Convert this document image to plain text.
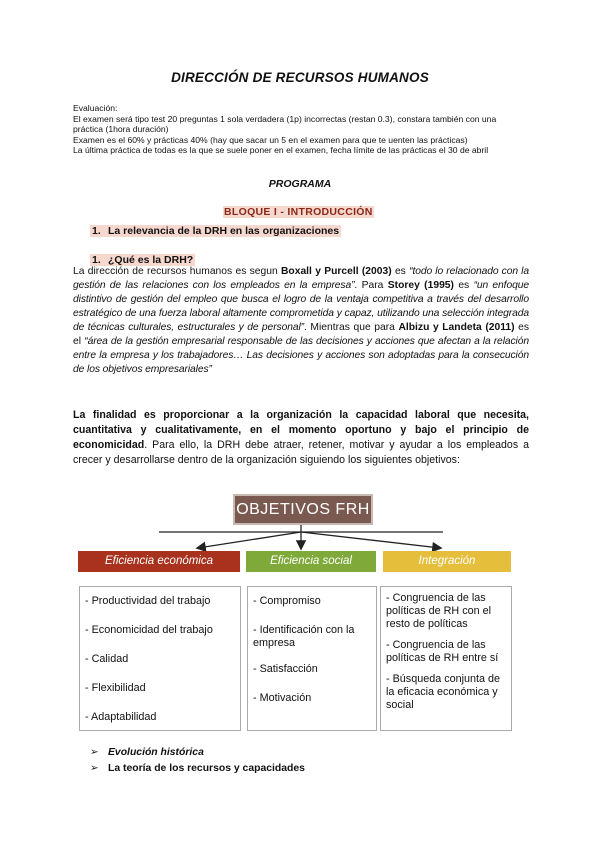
DIRECCIÓN DE RECURSOS HUMANOS
Evaluación:
El examen será tipo test 20 preguntas 1 sola verdadera (1p) incorrectas (restan 0.3), constara también con una
práctica (1hora duración)
Examen es el 60% y prácticas 40% (hay que sacar un 5 en el examen para que te uenten las prácticas)
La última práctica de todas es la que se suele poner en el examen, fecha límite de las prácticas el 30 de abril
PROGRAMA
BLOQUE I - INTRODUCCIÓN
1. La relevancia de la DRH en las organizaciones
1. ¿Qué es la DRH?
La dirección de recursos humanos es segun Boxall y Purcell (2003) es “todo lo relacionado con la gestión de las relaciones con los empleados en la empresa”. Para Storey (1995) es “un enfoque distintivo de gestión del empleo que busca el logro de la ventaja competitiva a través del desarrollo estratégico de una fuerza laboral altamente comprometida y capaz, utilizando una selección integrada de técnicas culturales, estructurales y de personal”. Mientras que para Albizu y Landeta (2011) es el “área de la gestión empresarial responsable de las decisiones y acciones que afectan a la relación entre la empresa y los trabajadores… Las decisiones y acciones son adoptadas para la consecución de los objetivos empresariales”
La finalidad es proporcionar a la organización la capacidad laboral que necesita, cuantitativa y cualitativamente, en el momento oportuno y bajo el principio de economicidad. Para ello, la DRH debe atraer, retener, motivar y ayudar a los empleados a crecer y desarrollarse dentro de la organización siguiendo los siguientes objetivos:
OBJETIVOS FRH
Eficiencia económica	Eficiencia social	Integración
- Productividad del trabajo
- Economicidad del trabajo
- Calidad
- Flexibilidad
- Adaptabilidad
- Compromiso
- Identificación con la empresa
- Satisfacción
- Motivación
- Congruencia de las políticas de RH con el resto de políticas
- Congruencia de las políticas de RH entre sí
- Búsqueda conjunta de la eficacia económica y social
➢ Evolución histórica
➢ La teoría de los recursos y capacidades
